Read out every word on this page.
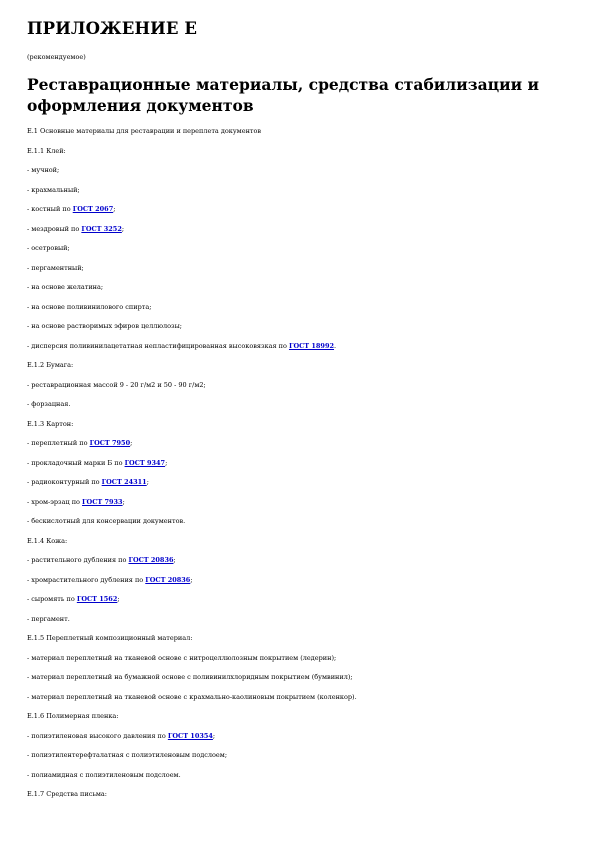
ПРИЛОЖЕНИЕ Е
(рекомендуемое)
Реставрационные материалы, средства стабилизации и оформления документов
Е.1 Основные материалы для реставрации и переплета документов
Е.1.1 Клей:
- мучной;
- крахмальный;
- костный по ГОСТ 2067;
- мездровый по ГОСТ 3252;
- осетровый;
- пергаментный;
- на основе желатина;
- на основе поливинилового спирта;
- на основе растворимых эфиров целлюлозы;
- дисперсия поливинилацетатная непластифицированная высоковязкая по ГОСТ 18992.
Е.1.2 Бумага:
- реставрационная массой 9 - 20 г/м2 и 50 - 90 г/м2;
- форзацная.
Е.1.3 Картон:
- переплетный по ГОСТ 7950;
- прокладочный марки Б по ГОСТ 9347;
- радиоконтурный по ГОСТ 24311;
- хром-эрзац по ГОСТ 7933;
- бескислотный для консервации документов.
Е.1.4 Кожа:
- растительного дубления по ГОСТ 20836;
- хромрастительного дубления по ГОСТ 20836;
- сыромять по ГОСТ 1562;
- пергамент.
Е.1.5 Переплетный композиционный материал:
- материал переплетный на тканевой основе с нитроцеллюлозным покрытием (ледерин);
- материал переплетный на бумажной основе с поливинилхлоридным покрытием (бумвинил);
- материал переплетный на тканевой основе с крахмально-каолиновым покрытием (коленкор).
Е.1.6 Полимерная пленка:
- полиэтиленовая высокого давления по ГОСТ 10354;
- полиэтилентерефталатная с полиэтиленовым подслоем;
- полиамидная с полиэтиленовым подслоем.
Е.1.7 Средства письма:
